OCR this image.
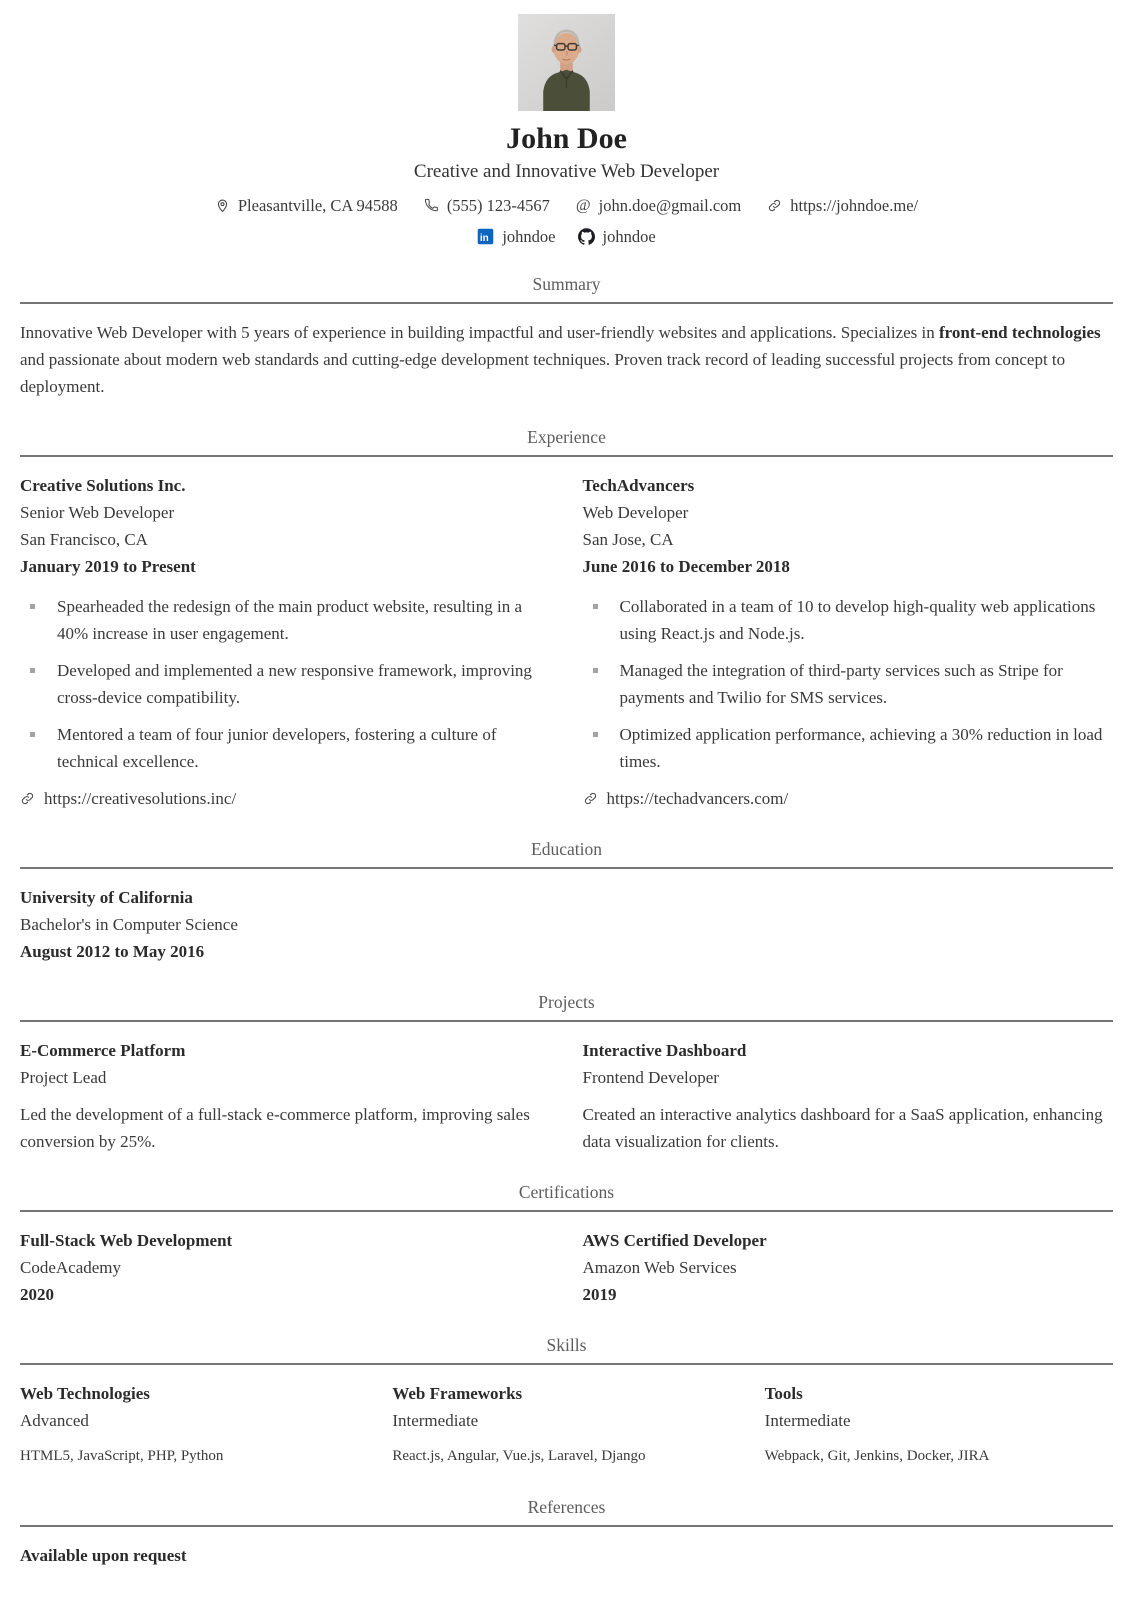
John Doe
Creative and Innovative Web Developer
Pleasantville, CA 94588	(555) 123-4567 @ john.doe@gmail.com	https://johndoe.me/
in johndoe	johndoe
Summary

Innovative Web Developer with 5 years of experience in building impactful and user-friendly websites and applications. Specializes in front-end technologies and passionate about modern web standards and cutting-edge development techniques. Proven track record of leading successful projects from concept to deployment.

Experience
Creative Solutions Inc.
Senior Web Developer
San Francisco, CA
January 2019 to Present
Spearheaded the redesign of the main product website, resulting in a 40% increase in user engagement.
Developed and implemented a new responsive framework, improving cross-device compatibility.
Mentored a team of four junior developers, fostering a culture of technical excellence.
https://creativesolutions.inc/
TechAdvancers
Web Developer
San Jose, CA
June 2016 to December 2018
Collaborated in a team of 10 to develop high-quality web applications using React.js and Node.js.
Managed the integration of third-party services such as Stripe for payments and Twilio for SMS services.
Optimized application performance, achieving a 30% reduction in load times.
https://techadvancers.com/
Education
University of California
Bachelor's in Computer Science
August 2012 to May 2016
Projects
E-Commerce Platform
Project Lead
Led the development of a full-stack e-commerce platform, improving sales conversion by 25%.
Interactive Dashboard
Frontend Developer
Created an interactive analytics dashboard for a SaaS application, enhancing data visualization for clients.
Certifications
Full-Stack Web Development
CodeAcademy
2020
AWS Certified Developer
Amazon Web Services
2019
Skills
Web Technologies
Advanced
HTML5, JavaScript, PHP, Python
Web Frameworks
Intermediate
React.js, Angular, Vue.js, Laravel, Django
Tools
Intermediate
Webpack, Git, Jenkins, Docker, JIRA
References
Available upon request
